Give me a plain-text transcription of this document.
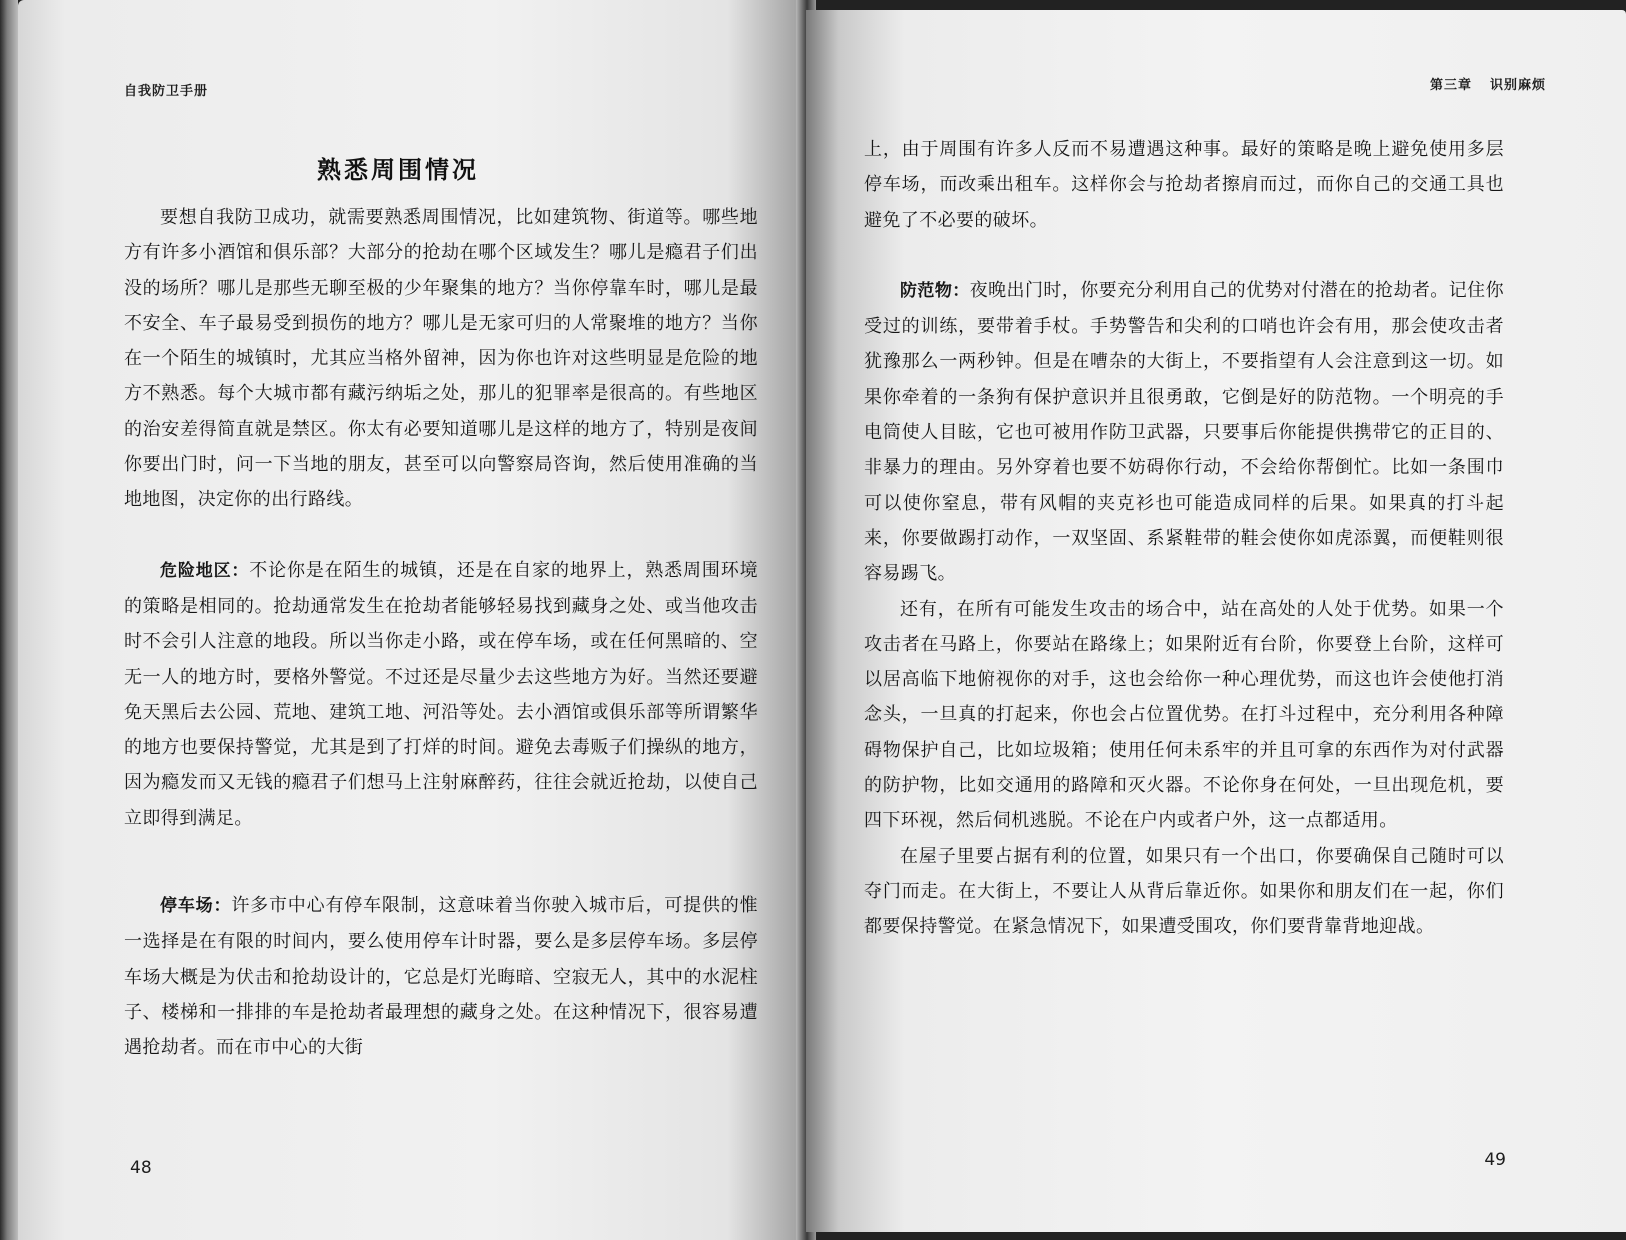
自我防卫手册
熟悉周围情况

要想自我防卫成功，就需要熟悉周围情况，比如建筑物、街道等。哪些地方有许多小酒馆和俱乐部？大部分的抢劫在哪个区域发生？哪儿是瘾君子们出没的场所？哪儿是那些无聊至极的少年聚集的地方？当你停靠车时，哪儿是最不安全、车子最易受到损伤的地方？哪儿是无家可归的人常聚堆的地方？当你在一个陌生的城镇时，尤其应当格外留神，因为你也许对这些明显是危险的地方不熟悉。每个大城市都有藏污纳垢之处，那儿的犯罪率是很高的。有些地区的治安差得简直就是禁区。你太有必要知道哪儿是这样的地方了，特别是夜间你要出门时，问一下当地的朋友，甚至可以向警察局咨询，然后使用准确的当地地图，决定你的出行路线。

危险地区：不论你是在陌生的城镇，还是在自家的地界上，熟悉周围环境的策略是相同的。抢劫通常发生在抢劫者能够轻易找到藏身之处、或当他攻击时不会引人注意的地段。所以当你走小路，或在停车场，或在任何黑暗的、空无一人的地方时，要格外警觉。不过还是尽量少去这些地方为好。当然还要避免天黑后去公园、荒地、建筑工地、河沿等处。去小酒馆或俱乐部等所谓繁华的地方也要保持警觉，尤其是到了打烊的时间。避免去毒贩子们操纵的地方，因为瘾发而又无钱的瘾君子们想马上注射麻醉药，往往会就近抢劫，以使自己立即得到满足。

停车场：许多市中心有停车限制，这意味着当你驶入城市后，可提供的惟一选择是在有限的时间内，要么使用停车计时器，要么是多层停车场。多层停车场大概是为伏击和抢劫设计的，它总是灯光晦暗、空寂无人，其中的水泥柱子、楼梯和一排排的车是抢劫者最理想的藏身之处。在这种情况下，很容易遭遇抢劫者。而在市中心的大街

48
第三章 识别麻烦

上，由于周围有许多人反而不易遭遇这种事。最好的策略是晚上避免使用多层停车场，而改乘出租车。这样你会与抢劫者擦肩而过，而你自己的交通工具也避免了不必要的破坏。

防范物：夜晚出门时，你要充分利用自己的优势对付潜在的抢劫者。记住你受过的训练，要带着手杖。手势警告和尖利的口哨也许会有用，那会使攻击者犹豫那么一两秒钟。但是在嘈杂的大街上，不要指望有人会注意到这一切。如果你牵着的一条狗有保护意识并且很勇敢，它倒是好的防范物。一个明亮的手电筒使人目眩，它也可被用作防卫武器，只要事后你能提供携带它的正目的、非暴力的理由。另外穿着也要不妨碍你行动，不会给你帮倒忙。比如一条围巾可以使你窒息，带有风帽的夹克衫也可能造成同样的后果。如果真的打斗起来，你要做踢打动作，一双坚固、系紧鞋带的鞋会使你如虎添翼，而便鞋则很容易踢飞。

还有，在所有可能发生攻击的场合中，站在高处的人处于优势。如果一个攻击者在马路上，你要站在路缘上；如果附近有台阶，你要登上台阶，这样可以居高临下地俯视你的对手，这也会给你一种心理优势，而这也许会使他打消念头，一旦真的打起来，你也会占位置优势。在打斗过程中，充分利用各种障碍物保护自己，比如垃圾箱；使用任何未系牢的并且可拿的东西作为对付武器的防护物，比如交通用的路障和灭火器。不论你身在何处，一旦出现危机，要四下环视，然后伺机逃脱。不论在户内或者户外，这一点都适用。

在屋子里要占据有利的位置，如果只有一个出口，你要确保自己随时可以夺门而走。在大街上，不要让人从背后靠近你。如果你和朋友们在一起，你们都要保持警觉。在紧急情况下，如果遭受围攻，你们要背靠背地迎战。

49
